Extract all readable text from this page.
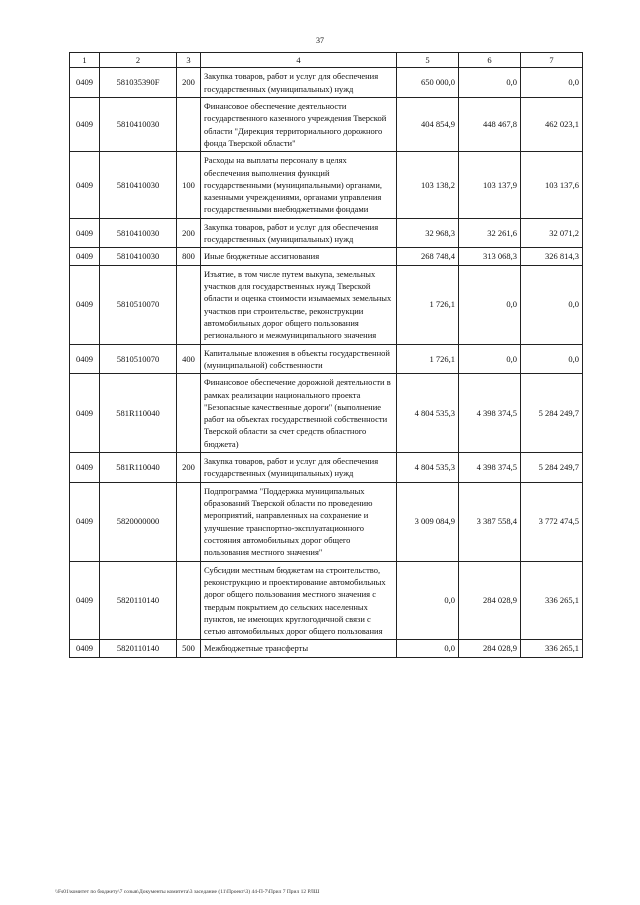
37
1	2	3	4	5	6	7
0409	581035390F	200	Закупка товаров, работ и услуг для обеспечения государственных (муниципальных) нужд	650 000,0	0,0	0,0
0409	5810410030		Финансовое обеспечение деятельности государственного казенного учреждения Тверской области "Дирекция территориального дорожного фонда Тверской области"	404 854,9	448 467,8	462 023,1
0409	5810410030	100	Расходы на выплаты персоналу в целях обеспечения выполнения функций государственными (муниципальными) органами, казенными учреждениями, органами управления государственными внебюджетными фондами	103 138,2	103 137,9	103 137,6
0409	5810410030	200	Закупка товаров, работ и услуг для обеспечения государственных (муниципальных) нужд	32 968,3	32 261,6	32 071,2
0409	5810410030	800	Иные бюджетные ассигнования	268 748,4	313 068,3	326 814,3
0409	5810510070		Изъятие, в том числе путем выкупа, земельных участков для государственных нужд Тверской области и оценка стоимости изымаемых земельных участков при строительстве, реконструкции автомобильных дорог общего пользования регионального и межмуниципального значения	1 726,1	0,0	0,0
0409	5810510070	400	Капитальные вложения в объекты государственной (муниципальной) собственности	1 726,1	0,0	0,0
0409	581R110040		Финансовое обеспечение дорожной деятельности в рамках реализации национального проекта "Безопасные качественные дороги" (выполнение работ на объектах государственной собственности Тверской области за счет средств областного бюджета)	4 804 535,3	4 398 374,5	5 284 249,7
0409	581R110040	200	Закупка товаров, работ и услуг для обеспечения государственных (муниципальных) нужд	4 804 535,3	4 398 374,5	5 284 249,7
0409	5820000000		Подпрограмма "Поддержка муниципальных образований Тверской области по проведению мероприятий, направленных на сохранение и улучшение транспортно-эксплуатационного состояния автомобильных дорог общего пользования местного значения"	3 009 084,9	3 387 558,4	3 772 474,5
0409	5820110140		Субсидии местным бюджетам на строительство, реконструкцию и проектирование автомобильных дорог общего пользования местного значения с твердым покрытием до сельских населенных пунктов, не имеющих круглогодичной связи с сетью автомобильных дорог общего пользования	0,0	284 028,9	336 265,1
0409	5820110140	500	Межбюджетные трансферты	0,0	284 028,9	336 265,1
\\Fs01\комитет по бюджету\7 созыв\Документы комитета\3 заседание (11\Проект\3) 44-П-7\Прил 7 Прил 12 РЛШ
